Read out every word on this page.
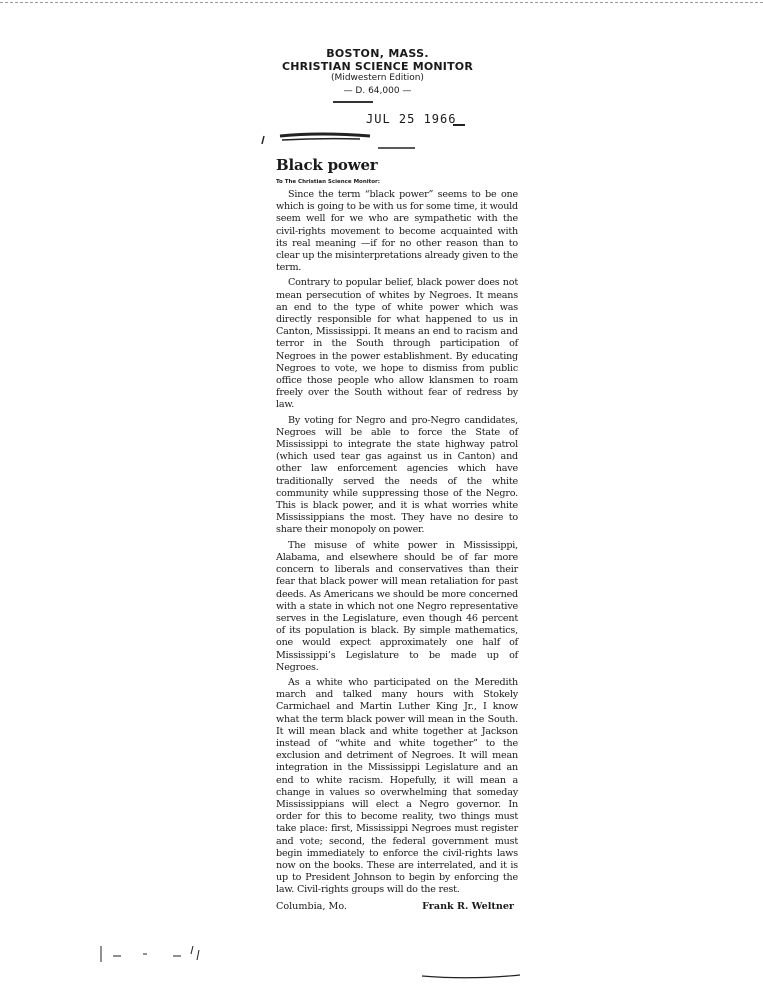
BOSTON, MASS.
CHRISTIAN SCIENCE MONITOR
(Midwestern Edition)
— D. 64,000 —
JUL 25 1966
Black power
To The Christian Science Monitor:

Since the term “black power” seems to be one which is going to be with us for some time, it would seem well for we who are sympathetic with the civil-rights movement to become acquainted with its real meaning —if for no other reason than to clear up the misinterpretations already given to the term.

Contrary to popular belief, black power does not mean persecution of whites by Negroes. It means an end to the type of white power which was directly responsible for what happened to us in Canton, Mississippi. It means an end to racism and terror in the South through participation of Negroes in the power establishment. By educating Negroes to vote, we hope to dismiss from public office those people who allow klansmen to roam freely over the South without fear of redress by law.

By voting for Negro and pro-Negro candidates, Negroes will be able to force the State of Mississippi to integrate the state highway patrol (which used tear gas against us in Canton) and other law enforcement agencies which have traditionally served the needs of the white community while suppressing those of the Negro. This is black power, and it is what worries white Mississippians the most. They have no desire to share their monopoly on power.

The misuse of white power in Mississippi, Alabama, and elsewhere should be of far more concern to liberals and conservatives than their fear that black power will mean retaliation for past deeds. As Americans we should be more concerned with a state in which not one Negro representative serves in the Legislature, even though 46 percent of its population is black. By simple mathematics, one would expect approximately one half of Mississippi’s Legislature to be made up of Negroes.

As a white who participated on the Meredith march and talked many hours with Stokely Carmichael and Martin Luther King Jr., I know what the term black power will mean in the South. It will mean black and white together at Jackson instead of “white and white together” to the exclusion and detriment of Negroes. It will mean integration in the Mississippi Legislature and an end to white racism. Hopefully, it will mean a change in values so overwhelming that someday Mississippians will elect a Negro governor. In order for this to become reality, two things must take place: first, Mississippi Negroes must register and vote; second, the federal government must begin immediately to enforce the civil-rights laws now on the books. These are interrelated, and it is up to President Johnson to begin by enforcing the law. Civil-rights groups will do the rest.

Columbia, Mo.	Frank R. Weltner
